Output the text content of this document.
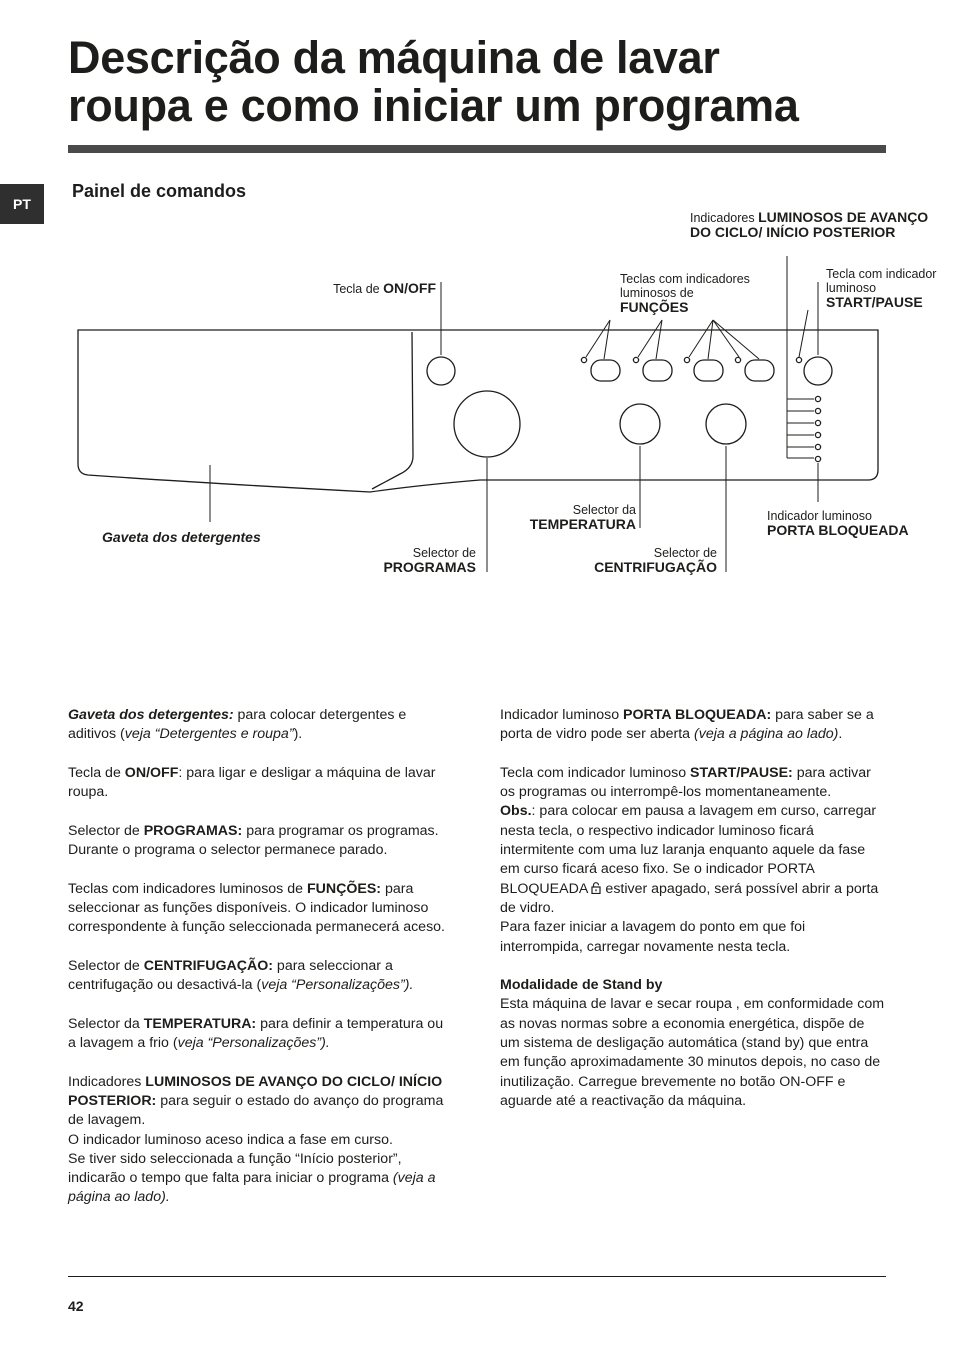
Descrição da máquina de lavar
roupa e como iniciar um programa
PT
Painel de comandos
Indicadores LUMINOSOS DE AVANÇO DO CICLO/ INÍCIO POSTERIOR
Teclas com indicadores luminosos de
FUNÇÕES
Tecla com indicador luminoso
START/PAUSE
Tecla de ON/OFF
Gaveta dos detergentes
Selector da
TEMPERATURA	Indicador luminoso
PORTA BLOQUEADA
Selector de
PROGRAMAS
Selector de
CENTRIFUGAÇÃO

Gaveta dos detergentes: para colocar detergentes e aditivos (veja “Detergentes e roupa”).

Tecla de ON/OFF: para ligar e desligar a máquina de lavar roupa.

Selector de PROGRAMAS: para programar os programas. Durante o programa o selector permanece parado.

Teclas com indicadores luminosos de FUNÇÕES: para seleccionar as funções disponíveis. O indicador luminoso correspondente à função seleccionada permanecerá aceso.

Selector de CENTRIFUGAÇÃO: para seleccionar a centrifugação ou desactivá-la (veja “Personalizações”).

Selector da TEMPERATURA: para definir a temperatura ou a lavagem a frio (veja “Personalizações”).

Indicadores LUMINOSOS DE AVANÇO DO CICLO/ INÍCIO POSTERIOR: para seguir o estado do avanço do programa de lavagem.
O indicador luminoso aceso indica a fase em curso.
Se tiver sido seleccionada a função “Início posterior”, indicarão o tempo que falta para iniciar o programa (veja a página ao lado).

Indicador luminoso PORTA BLOQUEADA: para saber se a porta de vidro pode ser aberta (veja a página ao lado).

Tecla com indicador luminoso START/PAUSE: para activar os programas ou interrompê-los momentaneamente.
Obs.: para colocar em pausa a lavagem em curso, carregar nesta tecla, o respectivo indicador luminoso ficará intermitente com uma luz laranja enquanto aquele da fase em curso ficará aceso fixo. Se o indicador PORTA BLOQUEADA  estiver apagado, será possível abrir a porta de vidro.
Para fazer iniciar a lavagem do ponto em que foi interrompida, carregar novamente nesta tecla.

Modalidade de Stand by
Esta máquina de lavar e secar roupa , em conformidade com as novas normas sobre a economia energética, dispõe de um sistema de desligação automática (stand by) que entra em função aproximadamente 30 minutos depois, no caso de inutilização. Carregue brevemente no botão ON-OFF e aguarde até a reactivação da máquina.

42
